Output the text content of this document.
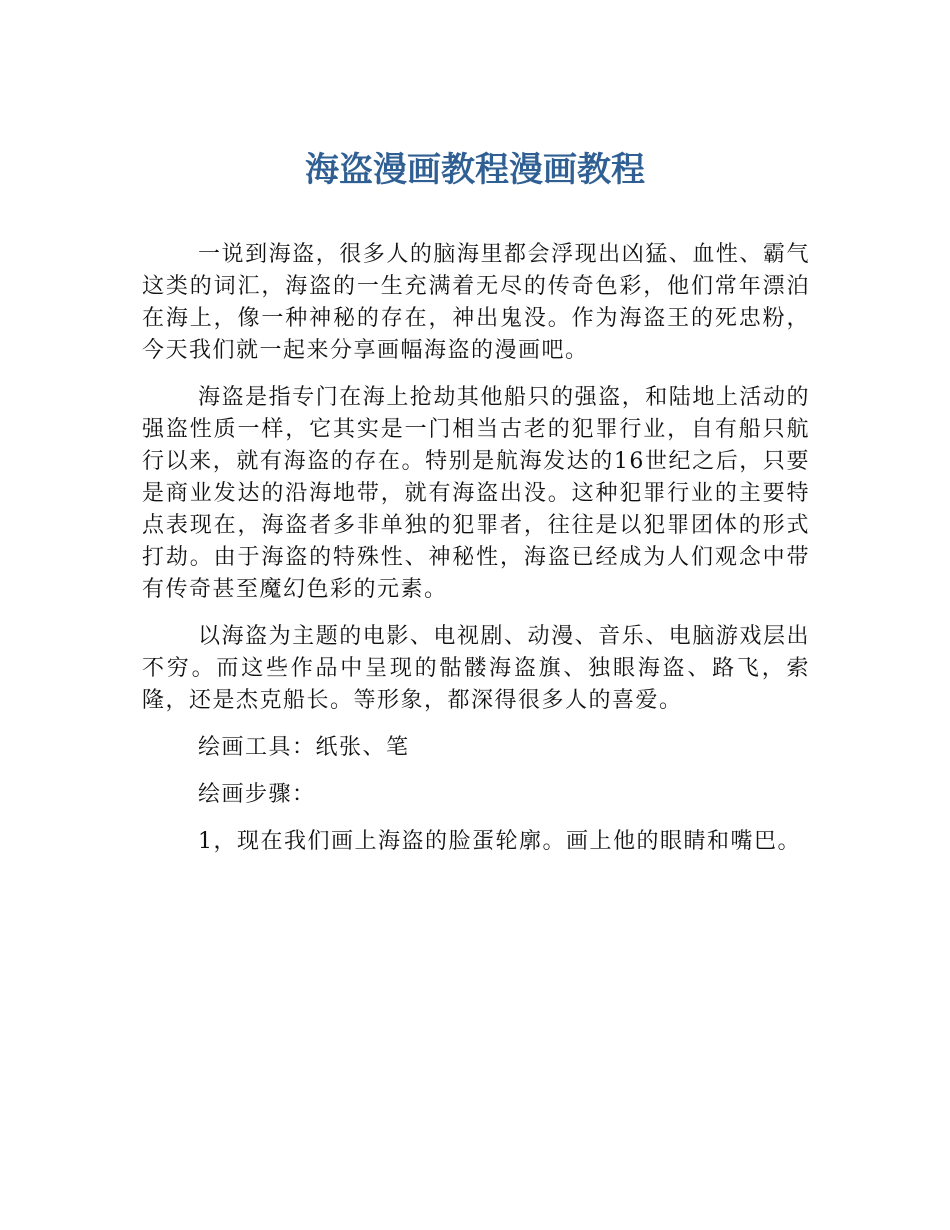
海盗漫画教程漫画教程

一说到海盗，很多人的脑海里都会浮现出凶猛、血性、霸气这类的词汇，海盗的一生充满着无尽的传奇色彩，他们常年漂泊在海上，像一种神秘的存在，神出鬼没。作为海盗王的死忠粉，今天我们就一起来分享画幅海盗的漫画吧。

海盗是指专门在海上抢劫其他船只的强盗，和陆地上活动的强盗性质一样，它其实是一门相当古老的犯罪行业，自有船只航行以来，就有海盗的存在。特别是航海发达的16世纪之后，只要是商业发达的沿海地带，就有海盗出没。这种犯罪行业的主要特点表现在，海盗者多非单独的犯罪者，往往是以犯罪团体的形式打劫。由于海盗的特殊性、神秘性，海盗已经成为人们观念中带有传奇甚至魔幻色彩的元素。

以海盗为主题的电影、电视剧、动漫、音乐、电脑游戏层出不穷。而这些作品中呈现的骷髅海盗旗、独眼海盗、路飞，索隆，还是杰克船长。等形象，都深得很多人的喜爱。

绘画工具：纸张、笔

绘画步骤：

1，现在我们画上海盗的脸蛋轮廓。画上他的眼睛和嘴巴。
